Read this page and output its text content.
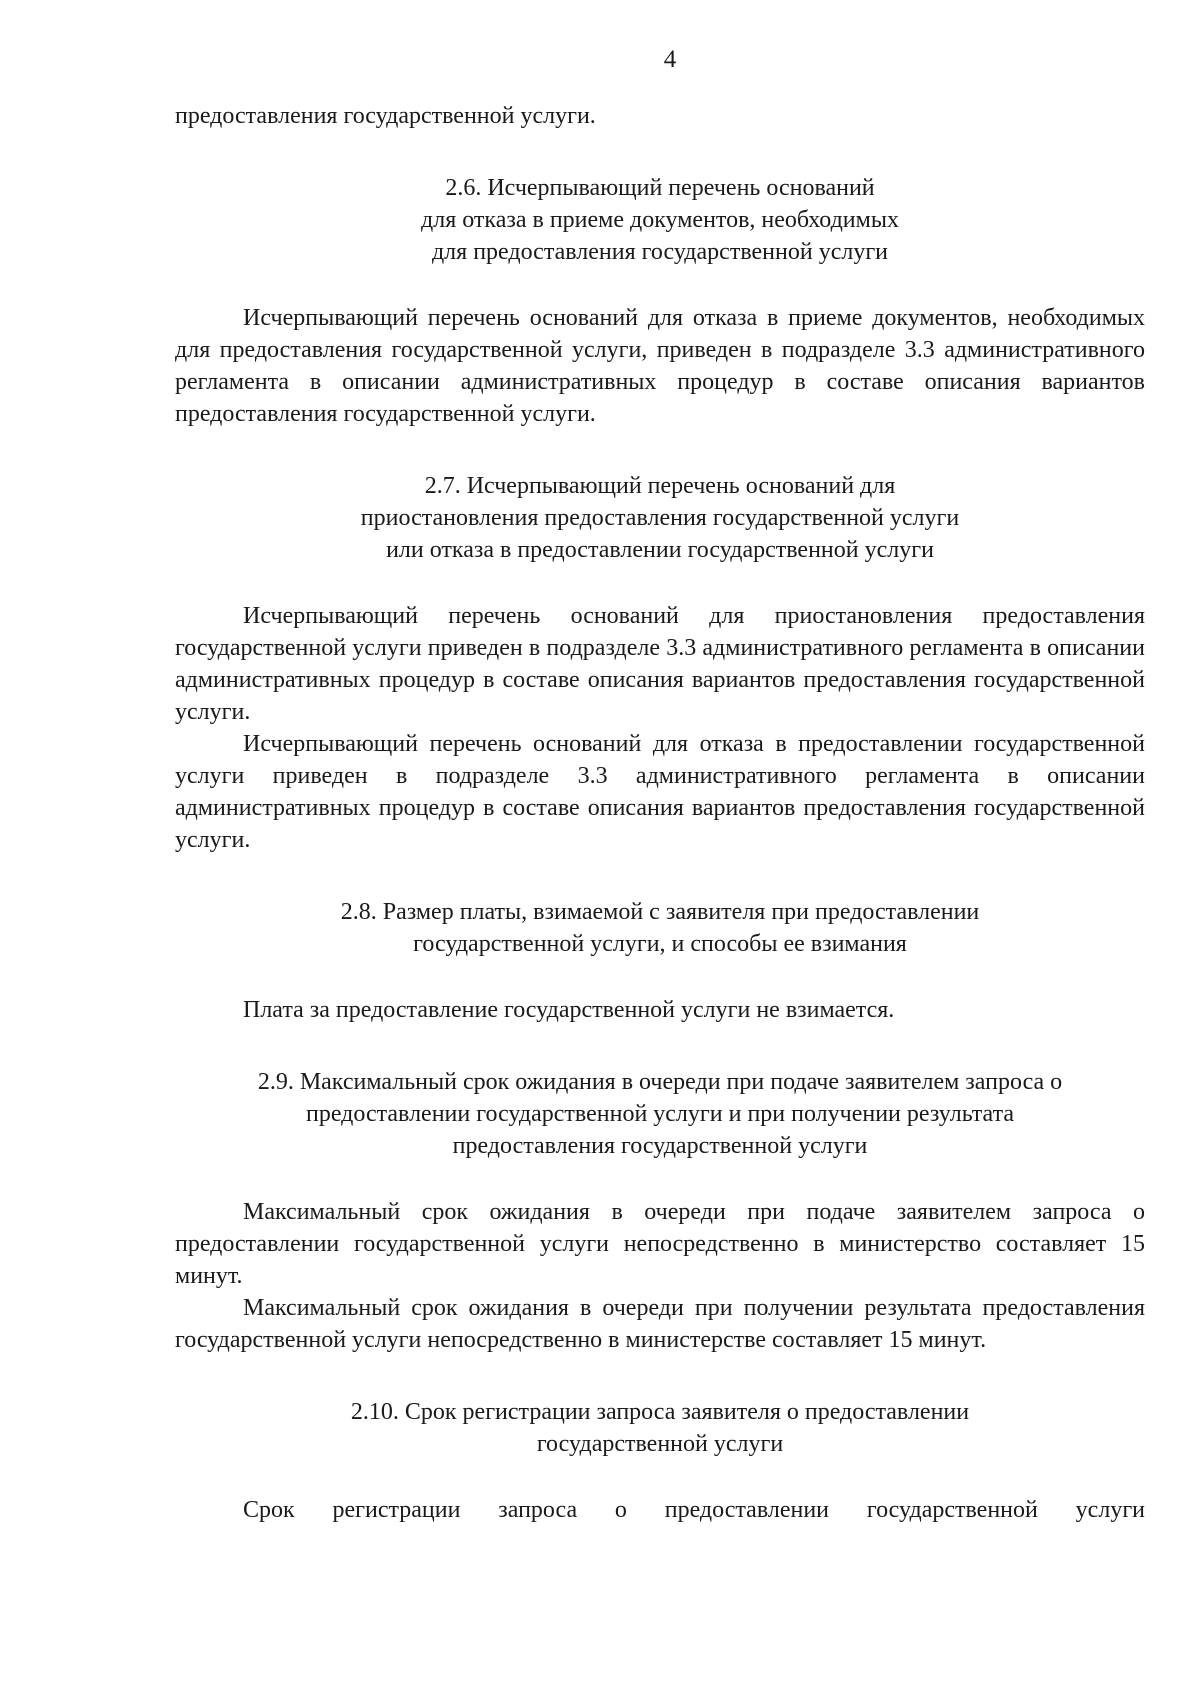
4

предоставления государственной услуги.

2.6. Исчерпывающий перечень оснований
для отказа в приеме документов, необходимых
для предоставления государственной услуги

Исчерпывающий перечень оснований для отказа в приеме документов, необходимых для предоставления государственной услуги, приведен в подразделе 3.3 административного регламента в описании административных процедур в составе описания вариантов предоставления государственной услуги.

2.7. Исчерпывающий перечень оснований для
приостановления предоставления государственной услуги
или отказа в предоставлении государственной услуги

Исчерпывающий перечень оснований для приостановления предоставления государственной услуги приведен в подразделе 3.3 административного регламента в описании административных процедур в составе описания вариантов предоставления государственной услуги.

Исчерпывающий перечень оснований для отказа в предоставлении государственной услуги приведен в подразделе 3.3 административного регламента в описании административных процедур в составе описания вариантов предоставления государственной услуги.

2.8. Размер платы, взимаемой с заявителя при предоставлении
государственной услуги, и способы ее взимания

Плата за предоставление государственной услуги не взимается.

2.9. Максимальный срок ожидания в очереди при подаче заявителем запроса о
предоставлении государственной услуги и при получении результата
предоставления государственной услуги

Максимальный срок ожидания в очереди при подаче заявителем запроса о предоставлении государственной услуги непосредственно в министерство составляет 15 минут.

Максимальный срок ожидания в очереди при получении результата предоставления государственной услуги непосредственно в министерстве составляет 15 минут.

2.10. Срок регистрации запроса заявителя о предоставлении
государственной услуги

Срок регистрации запроса о предоставлении государственной услуги
